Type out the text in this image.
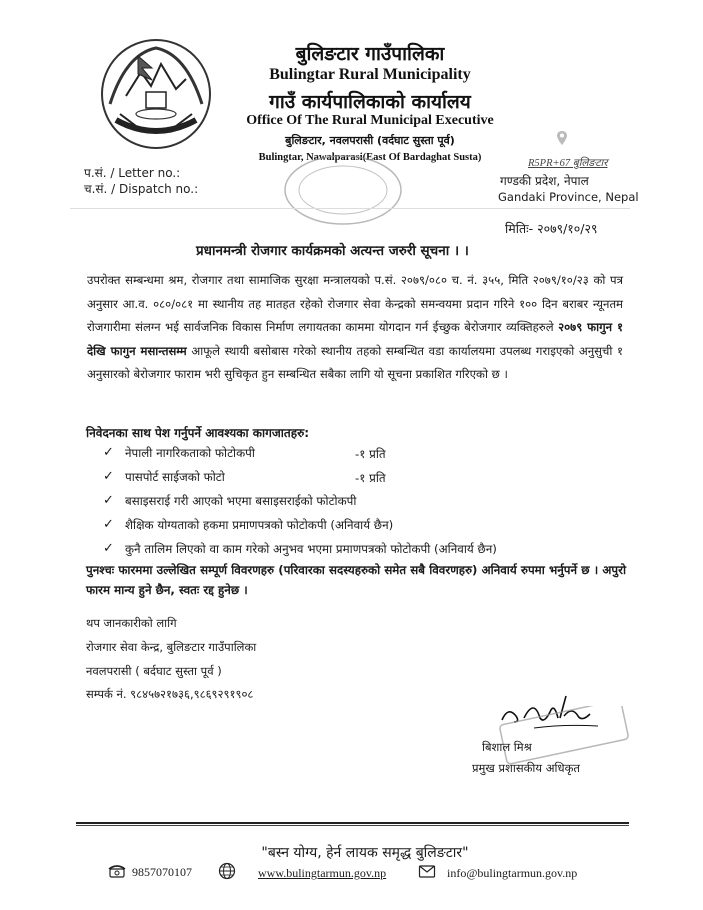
बुलिङटार गाउँपालिका
Bulingtar Rural Municipality
गाउँ कार्यपालिकाको कार्यालय
Office Of The Rural Municipal Executive
बुलिङटार, नवलपरासी (वर्दघाट सुस्ता पूर्व)
Bulingtar, Nawalparasi(East Of Bardaghat Susta)
प.सं. / Letter no.:
च.सं. / Dispatch no.:
R5PR+67 बुलिङटार
गण्डकी प्रदेश, नेपाल
Gandaki Province, Nepal
मितिः- २०७९/१०/२९
प्रधानमन्त्री रोजगार कार्यक्रमको अत्यन्त जरुरी सूचना । ।
उपरोक्त सम्बन्धमा श्रम, रोजगार तथा सामाजिक सुरक्षा मन्त्रालयको प.सं. २०७९/०८० च. नं. ३५५, मिति २०७९/१०/२३ को पत्र अनुसार आ.व. ०८०/०८१ मा स्थानीय तह मातहत रहेको रोजगार सेवा केन्द्रको समन्वयमा प्रदान गरिने १०० दिन बराबर न्यूनतम रोजगारीमा संलग्न भई सार्वजनिक विकास निर्माण लगायतका काममा योगदान गर्न ईच्छुक बेरोजगार व्यक्तिहरुले २०७९ फागुन १ देखि फागुन मसान्तसम्म आफूले स्थायी बसोबास गरेको स्थानीय तहको सम्बन्धित वडा कार्यालयमा उपलब्ध गराइएको अनुसुची १ अनुसारको बेरोजगार फाराम भरी सुचिकृत हुन सम्बन्धित सबैका लागि यो सूचना प्रकाशित गरिएको छ ।
निवेदनका साथ पेश गर्नुपर्ने आवश्यका कागजातहरु:
✓ नेपाली नागरिकताको फोटोकपी	-१ प्रति
✓ पासपोर्ट साईजको फोटो	-१ प्रति
✓ बसाइसराई गरी आएको भएमा बसाइसराईको फोटोकपी
✓ शैक्षिक योग्यताको हकमा प्रमाणपत्रको फोटोकपी (अनिवार्य छैन)
✓ कुनै तालिम लिएको वा काम गरेको अनुभव भएमा प्रमाणपत्रको फोटोकपी (अनिवार्य छैन)
पुनश्चः फारममा उल्लेखित सम्पूर्ण विवरणहरु (परिवारका सदस्यहरुको समेत सबै विवरणहरु) अनिवार्य रुपमा भर्नुपर्ने छ । अपुरो फारम मान्य हुने छैन, स्वतः रद्द हुनेछ ।
थप जानकारीको लागि
रोजगार सेवा केन्द्र, बुलिङटार गाउँपालिका
नवलपरासी ( बर्दघाट सुस्ता पूर्व )
सम्पर्क नं. ९८४५७२१७३६,९८६९२९१९०८
बिशाल मिश्र
प्रमुख प्रशासकीय अधिकृत
"बस्न योग्य, हेर्न लायक समृद्ध बुलिङटार"
9857070107	www.bulingtarmun.gov.np	info@bulingtarmun.gov.np
